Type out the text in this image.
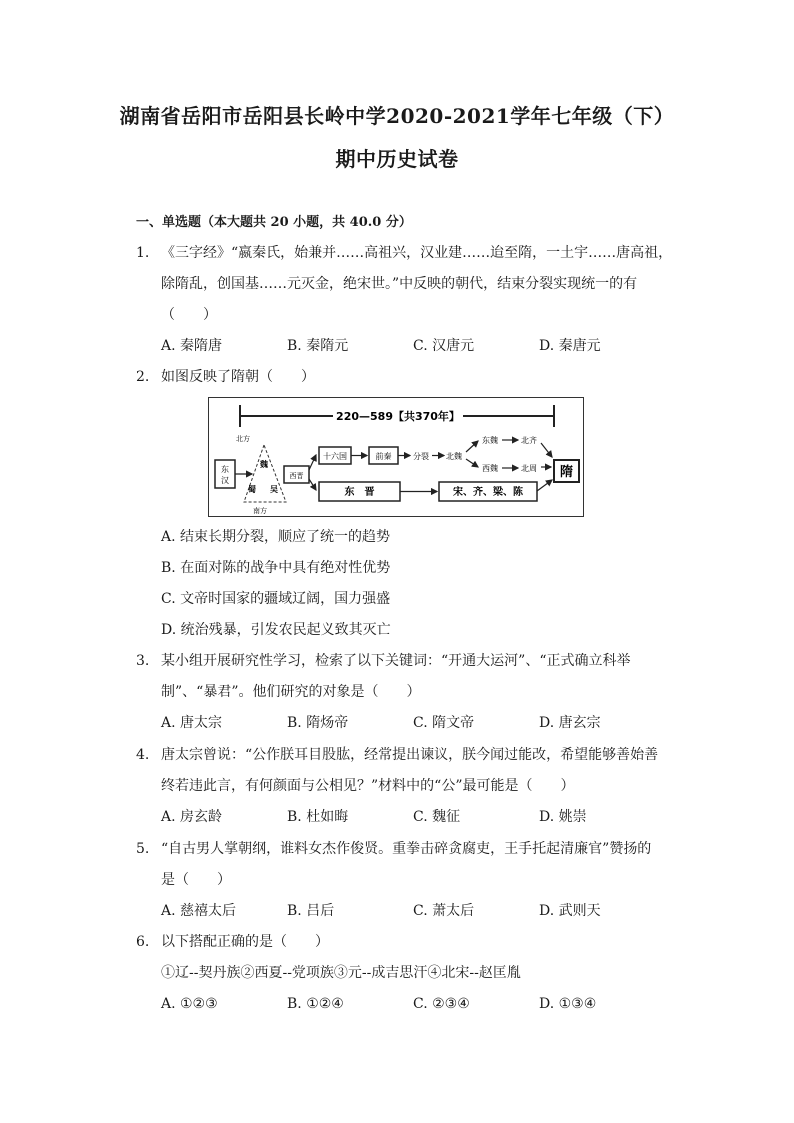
湖南省岳阳市岳阳县长岭中学2020-2021学年七年级（下）
期中历史试卷
一、单选题（本大题共 20 小题，共 40.0 分）
1. 《三字经》“嬴秦氏，始兼并……高祖兴，汉业建……迨至隋，一土宇……唐高祖，
除隋乱，创国基……元灭金，绝宋世。”中反映的朝代，结束分裂实现统一的有
（　　）
A. 秦隋唐	B. 秦隋元	C. 汉唐元	D. 秦唐元
2. 如图反映了隋朝（　　）
220—589【共370年】
东
汉
北方
魏
蜀 吴
南方
西晋
十六国	前秦	分裂 北魏
东魏	北齐
西魏	北周 隋
东　晋	宋、齐、梁、陈
A. 结束长期分裂，顺应了统一的趋势
B. 在面对陈的战争中具有绝对性优势
C. 文帝时国家的疆域辽阔，国力强盛
D. 统治残暴，引发农民起义致其灭亡
3. 某小组开展研究性学习，检索了以下关键词：“开通大运河”、“正式确立科举
制”、“暴君”。他们研究的对象是（　　）
A. 唐太宗	B. 隋炀帝	C. 隋文帝	D. 唐玄宗
4. 唐太宗曾说：“公作朕耳目股肱，经常提出谏议，朕今闻过能改，希望能够善始善
终若违此言，有何颜面与公相见？”材料中的“公”最可能是（　　）
A. 房玄龄	B. 杜如晦	C. 魏征	D. 姚崇
5. “自古男人掌朝纲，谁料女杰作俊贤。重拳击碎贪腐吏，王手托起清廉官”赞扬的
是（　　）
A. 慈禧太后	B. 吕后	C. 萧太后	D. 武则天
6. 以下搭配正确的是（　　）
①辽--契丹族②西夏--党项族③元--成吉思汗④北宋--赵匡胤
A. ①②③	B. ①②④	C. ②③④	D. ①③④
